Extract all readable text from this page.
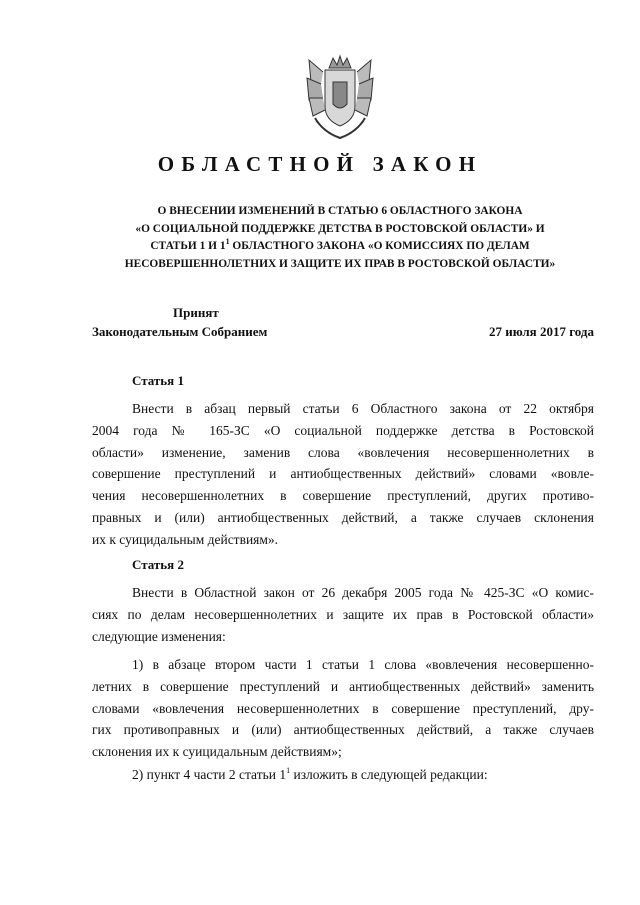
ОБЛАСТНОЙ ЗАКОН
О ВНЕСЕНИИ ИЗМЕНЕНИЙ В СТАТЬЮ 6 ОБЛАСТНОГО ЗАКОНА
«О СОЦИАЛЬНОЙ ПОДДЕРЖКЕ ДЕТСТВА В РОСТОВСКОЙ ОБЛАСТИ» И
СТАТЬИ 1 И $1^1$ ОБЛАСТНОГО ЗАКОНА «О КОМИССИЯХ ПО ДЕЛАМ
НЕСОВЕРШЕННОЛЕТНИХ И ЗАЩИТЕ ИХ ПРАВ В РОСТОВСКОЙ ОБЛАСТИ»
Принят
Законодательным Собранием	27 июля 2017 года
Статья 1
Внести в абзац первый статьи 6 Областного закона от 22 октября
2004 года № 165-ЗС «О социальной поддержке детства в Ростовской
области» изменение, заменив слова «вовлечения несовершеннолетних в
совершение преступлений и антиобщественных действий» словами «вовле-
чения несовершеннолетних в совершение преступлений, других противо-
правных и (или) антиобщественных действий, а также случаев склонения
их к суицидальным действиям».
Статья 2
Внести в Областной закон от 26 декабря 2005 года № 425-ЗС «О комис-
сиях по делам несовершеннолетних и защите их прав в Ростовской области»
следующие изменения:
1) в абзаце втором части 1 статьи 1 слова «вовлечения несовершенно-
летних в совершение преступлений и антиобщественных действий» заменить
словами «вовлечения несовершеннолетних в совершение преступлений, дру-
гих противоправных и (или) антиобщественных действий, а также случаев
склонения их к суицидальным действиям»;
2) пункт 4 части 2 статьи $1^1$ изложить в следующей редакции:
